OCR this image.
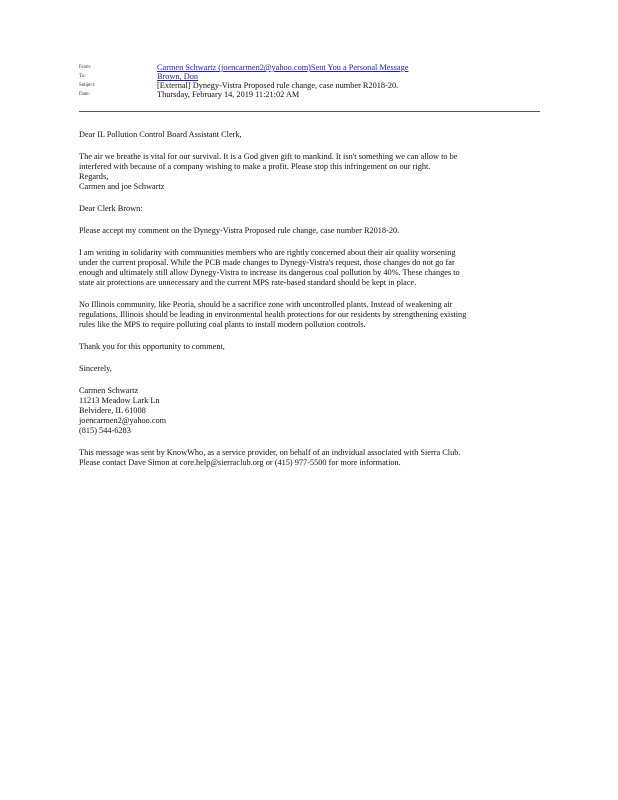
From:	Carmen Schwartz (joencarmen2@yahoo.com)Sent You a Personal Message
To:	Brown, Don
Subject:	[External] Dynegy-Vistra Proposed rule change, case number R2018-20.
Date:	Thursday, February 14, 2019 11:21:02 AM
Dear IL Pollution Control Board Assistant Clerk,
The air we breathe is vital for our survival. It is a God given gift to mankind. It isn't something we can allow to be
interfered with because of a company wishing to make a profit. Please stop this infringement on our right.
Regards,
Carmen and joe Schwartz
Dear Clerk Brown:
Please accept my comment on the Dynegy-Vistra Proposed rule change, case number R2018-20.
I am writing in solidarity with communities members who are rightly concerned about their air quality worsening
under the current proposal. While the PCB made changes to Dynegy-Vistra's request, those changes do not go far
enough and ultimately still allow Dynegy-Vistra to increase its dangerous coal pollution by 40%. These changes to
state air protections are unnecessary and the current MPS rate-based standard should be kept in place.
No Illinois community, like Peoria, should be a sacrifice zone with uncontrolled plants. Instead of weakening air
regulations, Illinois should be leading in environmental health protections for our residents by strengthening existing
rules like the MPS to require polluting coal plants to install modern pollution controls.
Thank you for this opportunity to comment,
Sincerely,
Carmen Schwartz
11213 Meadow Lark Ln
Belvidere, IL 61008
joencarmen2@yahoo.com
(815) 544-6283
This message was sent by KnowWho, as a service provider, on behalf of an individual associated with Sierra Club.
Please contact Dave Simon at core.help@sierraclub.org or (415) 977-5500 for more information.
